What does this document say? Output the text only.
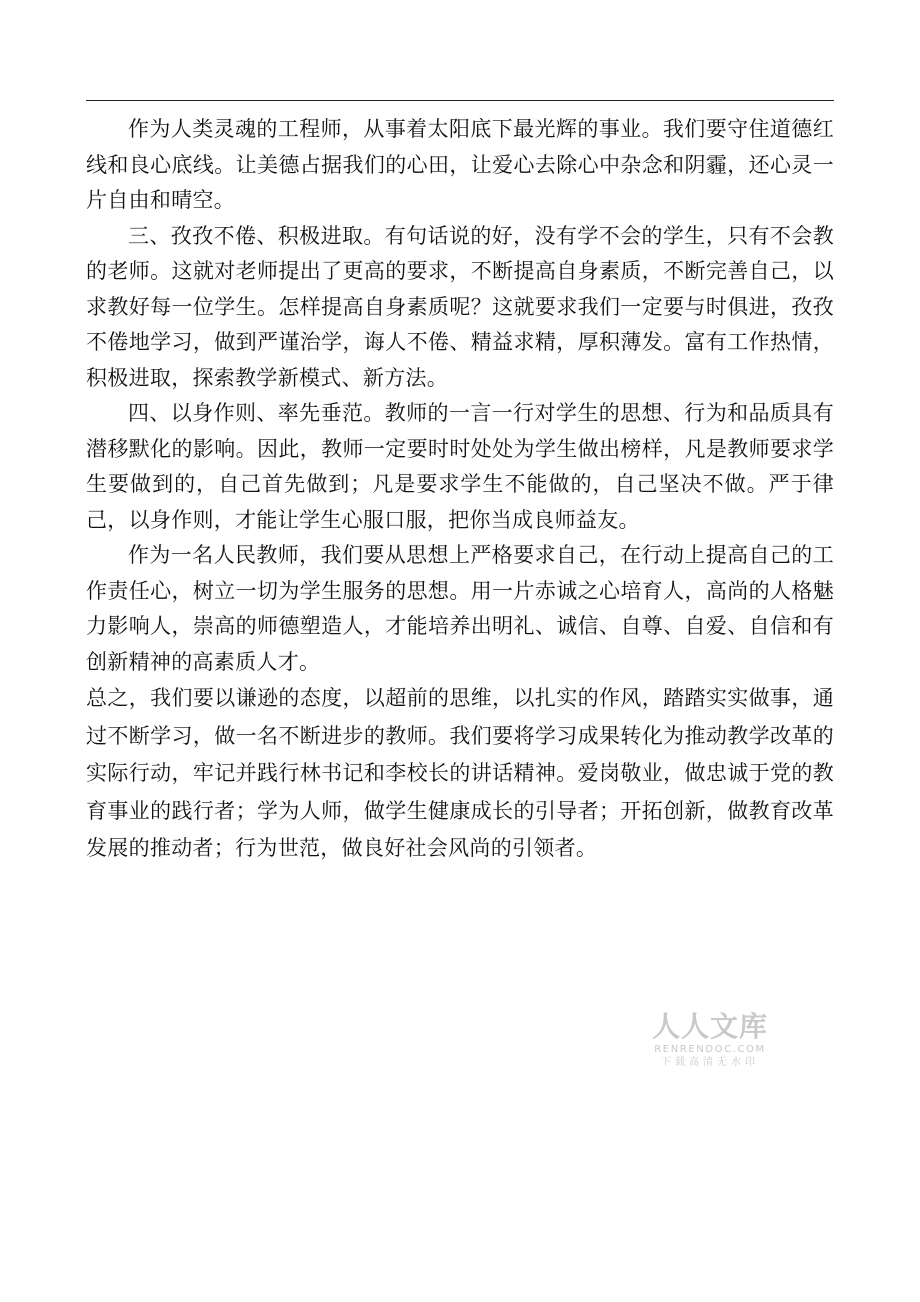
作为人类灵魂的工程师，从事着太阳底下最光辉的事业。我们要守住道德红线和良心底线。让美德占据我们的心田，让爱心去除心中杂念和阴霾，还心灵一片自由和晴空。

三、孜孜不倦、积极进取。有句话说的好，没有学不会的学生，只有不会教的老师。这就对老师提出了更高的要求，不断提高自身素质，不断完善自己，以求教好每一位学生。怎样提高自身素质呢？这就要求我们一定要与时俱进，孜孜不倦地学习，做到严谨治学，诲人不倦、精益求精，厚积薄发。富有工作热情，积极进取，探索教学新模式、新方法。

四、以身作则、率先垂范。教师的一言一行对学生的思想、行为和品质具有潜移默化的影响。因此，教师一定要时时处处为学生做出榜样，凡是教师要求学生要做到的，自己首先做到；凡是要求学生不能做的，自己坚决不做。严于律己，以身作则，才能让学生心服口服，把你当成良师益友。

作为一名人民教师，我们要从思想上严格要求自己，在行动上提高自己的工作责任心，树立一切为学生服务的思想。用一片赤诚之心培育人，高尚的人格魅力影响人，崇高的师德塑造人，才能培养出明礼、诚信、自尊、自爱、自信和有创新精神的高素质人才。

总之，我们要以谦逊的态度，以超前的思维，以扎实的作风，踏踏实实做事，通过不断学习，做一名不断进步的教师。我们要将学习成果转化为推动教学改革的实际行动，牢记并践行林书记和李校长的讲话精神。爱岗敬业，做忠诚于党的教育事业的践行者；学为人师，做学生健康成长的引导者；开拓创新，做教育改革发展的推动者；行为世范，做良好社会风尚的引领者。

人人文库
RENRENDOC.COM
下载高清无水印
